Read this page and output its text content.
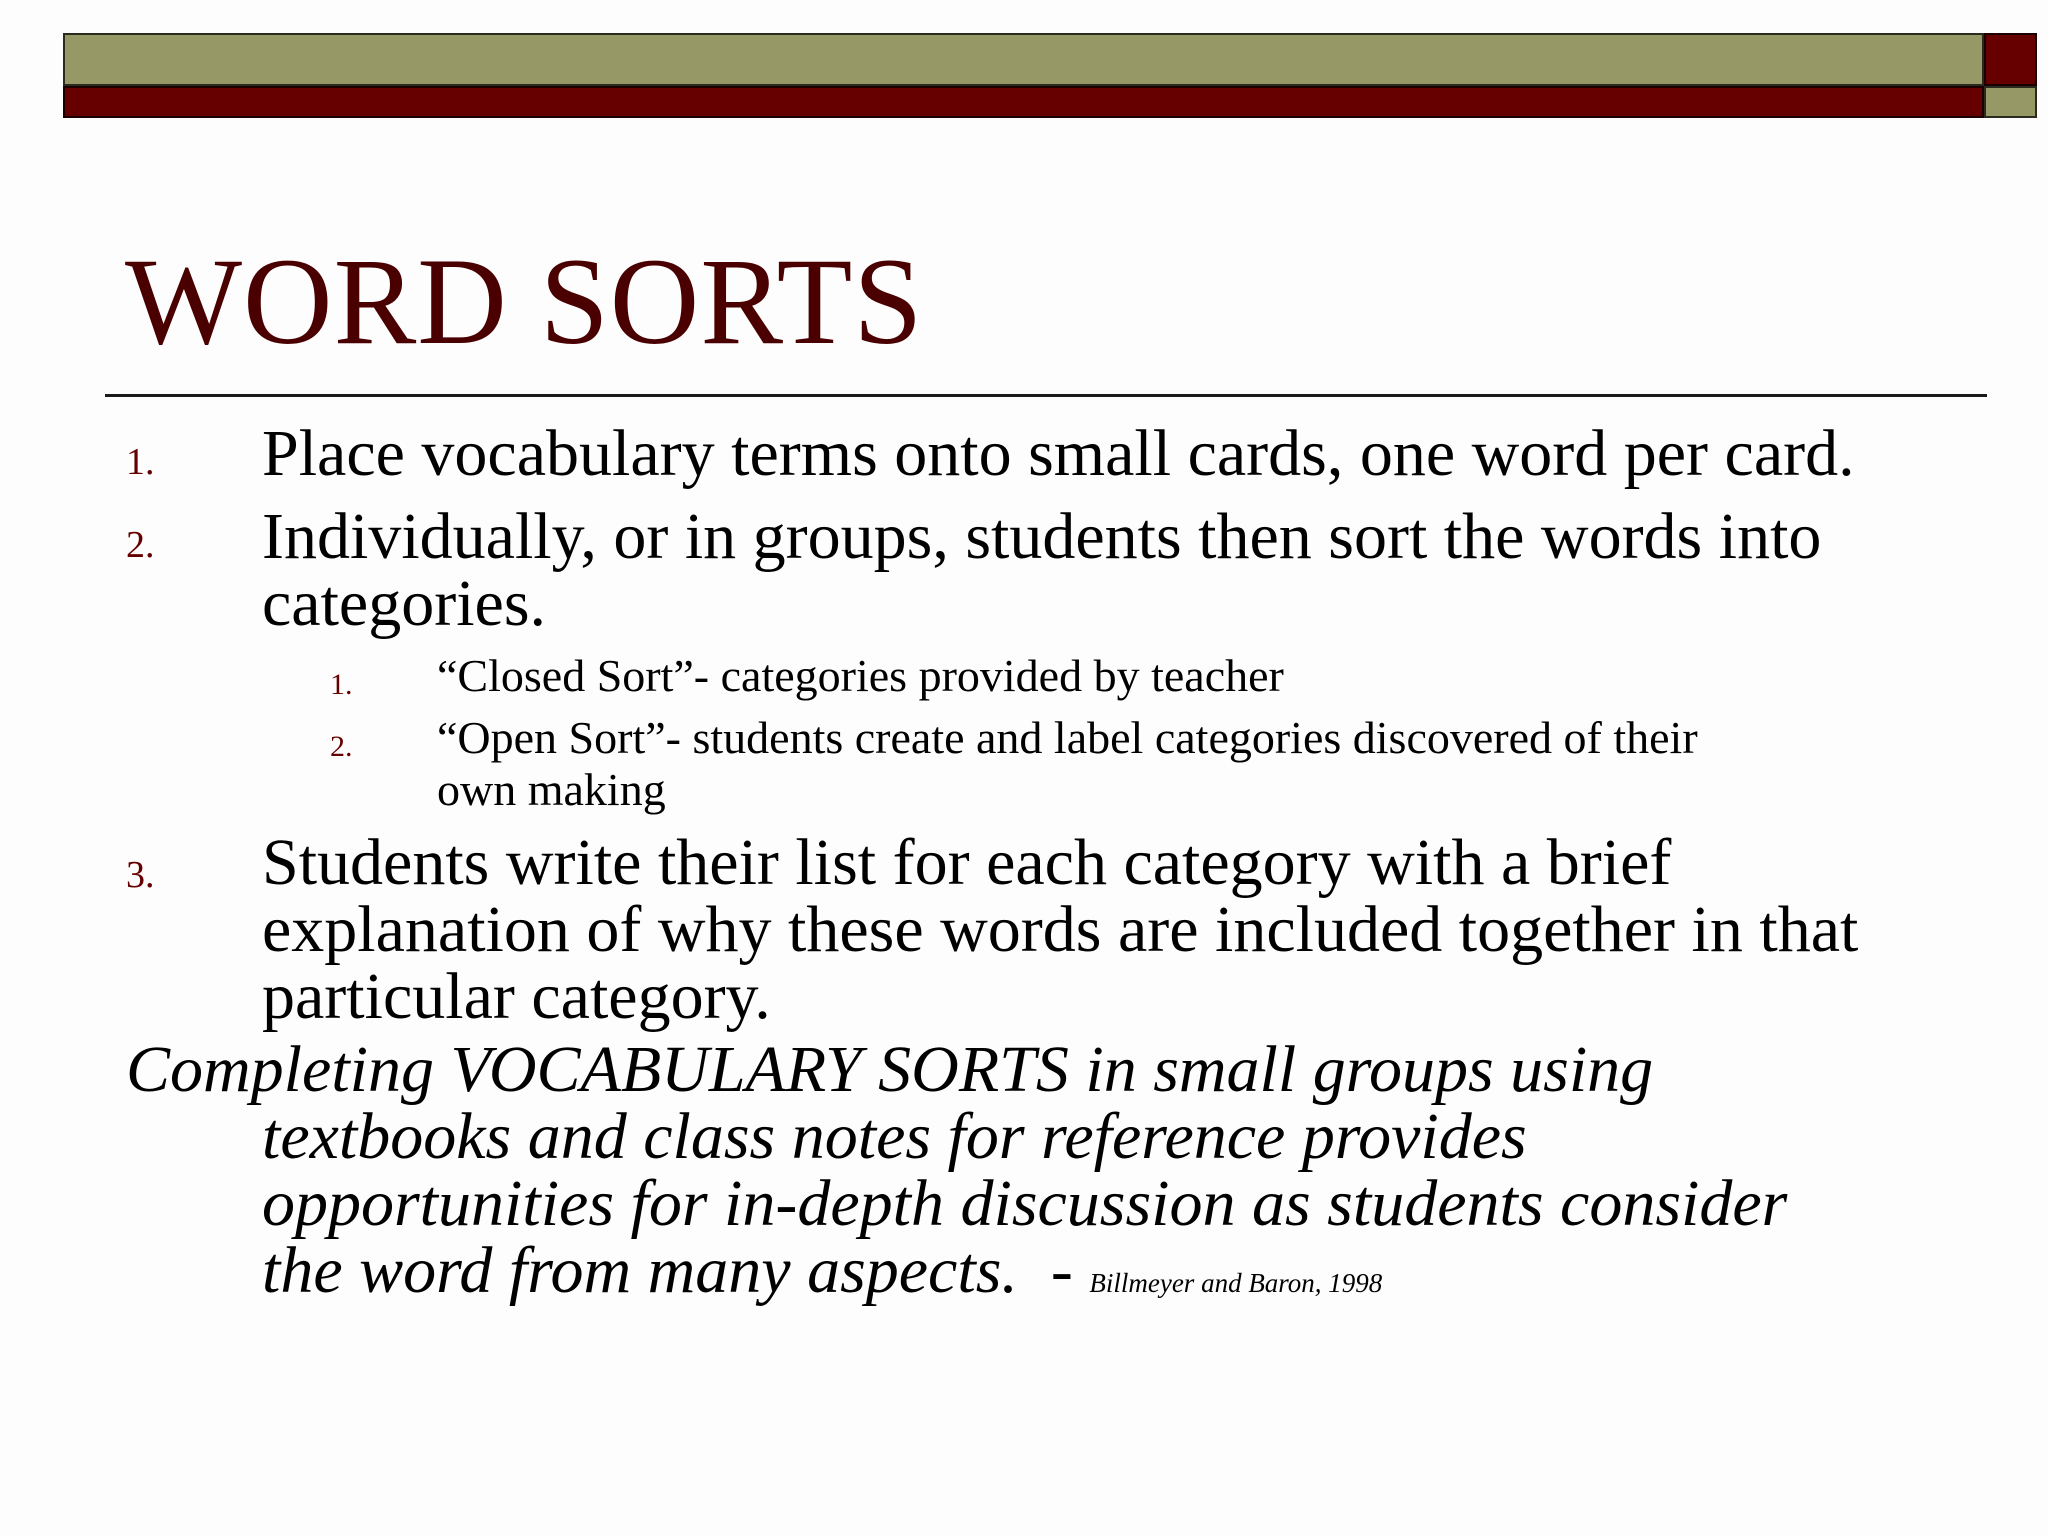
WORD SORTS
1. Place vocabulary terms onto small cards, one word per card.
2. Individually, or in groups, students then sort the words into
categories.
1. “Closed Sort”- categories provided by teacher
2. “Open Sort”- students create and label categories discovered of their
own making
3. Students write their list for each category with a brief
explanation of why these words are included together in that
particular category.
Completing VOCABULARY SORTS in small groups using
textbooks and class notes for reference provides
opportunities for in-depth discussion as students consider
the word from many aspects.  - Billmeyer and Baron, 1998
